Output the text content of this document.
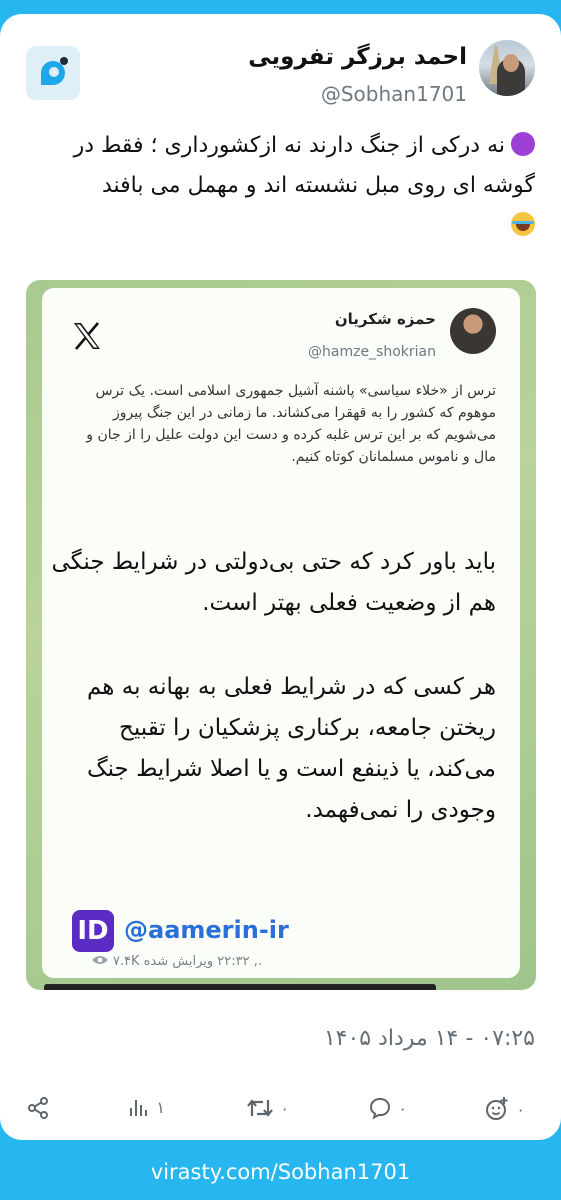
احمد برزگر تفرویی
@Sobhan1701
نه درکی از جنگ دارند نه ازکشورداری ؛ فقط در گوشه ای روی مبل نشسته اند و مهمل می بافند

حمزه شکریان
@hamze_shokrian
ترس از «خلاء سیاسی» پاشنه آشیل جمهوری اسلامی است. یک ترس موهوم که کشور را به قهقرا می‌کشاند. ما زمانی در این جنگ پیروز می‌شویم که بر این ترس غلبه کرده و دست این دولت علیل را از جان و مال و ناموس مسلمانان کوتاه کنیم.

باید باور کرد که حتی بی‌دولتی در شرایط جنگی هم از وضعیت فعلی بهتر است.

هر کسی که در شرایط فعلی به بهانه به هم ریختن جامعه، برکناری پزشکیان را تقبیح می‌کند، یا ذینفع است و یا اصلا شرایط جنگ وجودی را نمی‌فهمد.

ID @aamerin-ir
., ۲۲:۳۲ ویرایش شده ۷.۴K
۰۷:۲۵ - ۱۴ مرداد ۱۴۰۵
۰
۰
۰
۱
virasty.com/Sobhan1701
